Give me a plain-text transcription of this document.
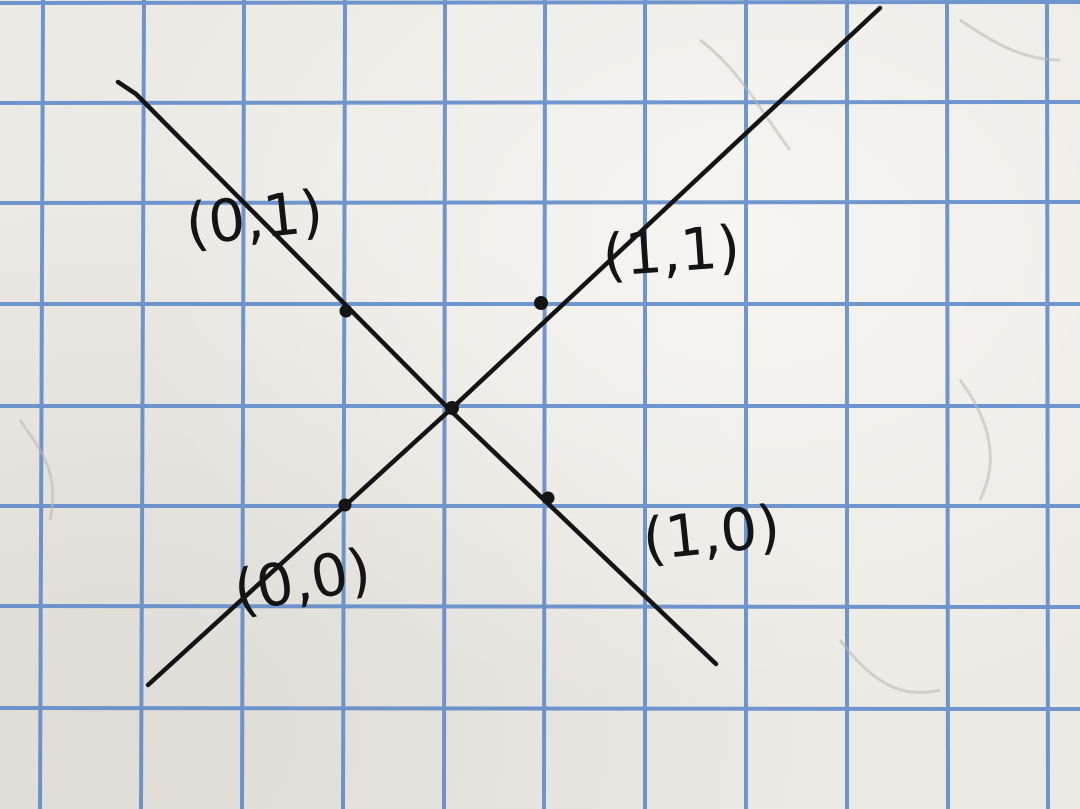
(0,1)	(1,1)
(0,0)
(1,0)
